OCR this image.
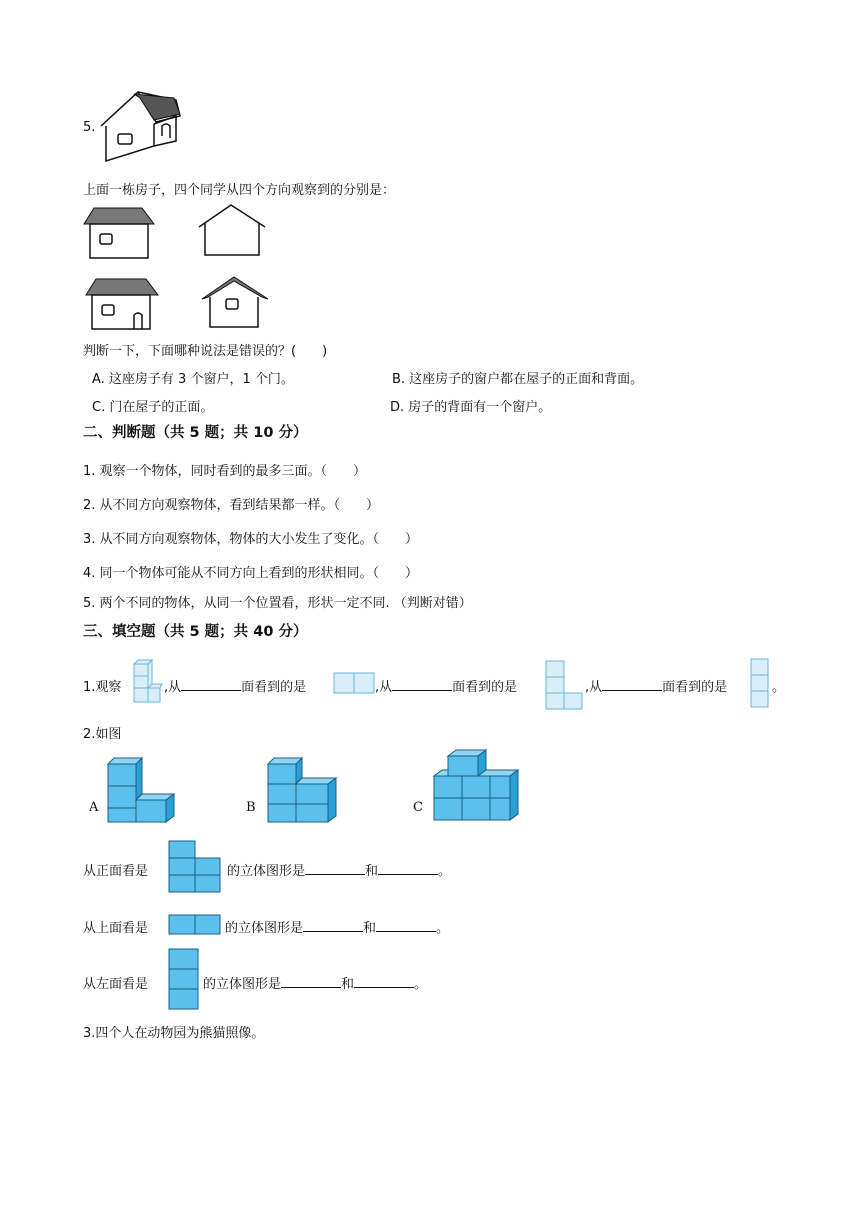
5.
上面一栋房子，四个同学从四个方向观察到的分别是：
判断一下，下面哪种说法是错误的？(　　)
A. 这座房子有 3 个窗户，1 个门。	B. 这座房子的窗户都在屋子的正面和背面。
C. 门在屋子的正面。	D. 房子的背面有一个窗户。
二、判断题（共 5 题；共 10 分）
1. 观察一个物体，同时看到的最多三面。（　　）
2. 从不同方向观察物体，看到结果都一样。（　　）
3. 从不同方向观察物体，物体的大小发生了变化。（　　）
4. 同一个物体可能从不同方向上看到的形状相同。（　　）
5. 两个不同的物体，从同一个位置看，形状一定不同. （判断对错）
三、填空题（共 5 题；共 40 分）
1.观察	,从	面看到的是	,从	面看到的是	,从	面看到的是	。
2.如图
A	B	C
从正面看是	的立体图形是	和	。
从上面看是	的立体图形是	和	。
从左面看是	的立体图形是	和	。
3.四个人在动物园为熊猫照像。
